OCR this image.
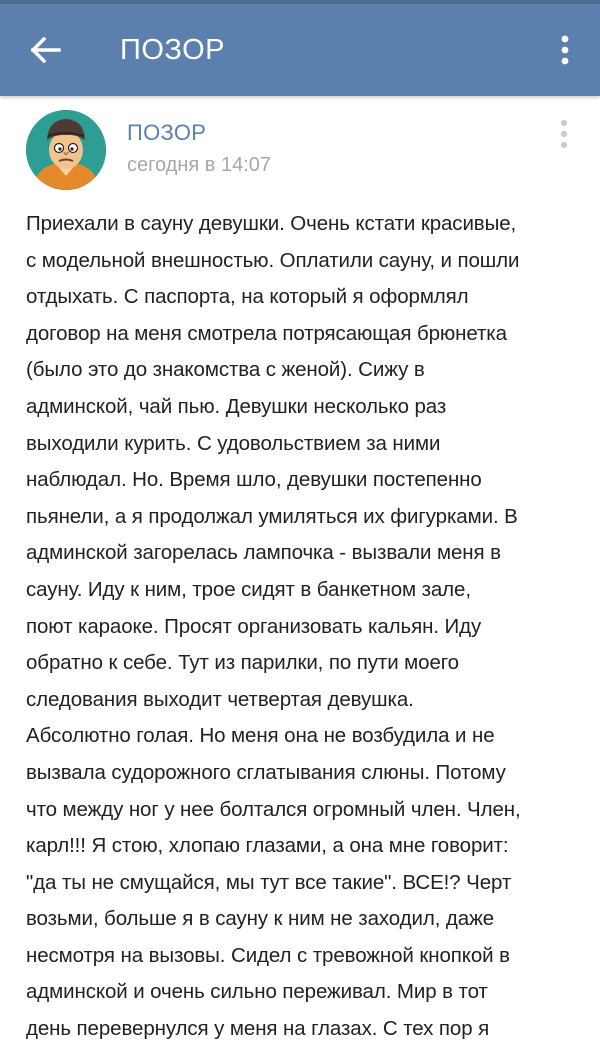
ПОЗОР
ПОЗОР
сегодня в 14:07
Приехали в сауну девушки. Очень кстати красивые,
с модельной внешностью. Оплатили сауну, и пошли
отдыхать. С паспорта, на который я оформлял
договор на меня смотрела потрясающая брюнетка
(было это до знакомства с женой). Сижу в
админской, чай пью. Девушки несколько раз
выходили курить. С удовольствием за ними
наблюдал. Но. Время шло, девушки постепенно
пьянели, а я продолжал умиляться их фигурками. В
админской загорелась лампочка - вызвали меня в
сауну. Иду к ним, трое сидят в банкетном зале,
поют караоке. Просят организовать кальян. Иду
обратно к себе. Тут из парилки, по пути моего
следования выходит четвертая девушка.
Абсолютно голая. Но меня она не возбудила и не
вызвала судорожного сглатывания слюны. Потому
что между ног у нее болтался огромный член. Член,
карл!!! Я стою, хлопаю глазами, а она мне говорит:
"да ты не смущайся, мы тут все такие". ВСЕ!? Черт
возьми, больше я в сауну к ним не заходил, даже
несмотря на вызовы. Сидел с тревожной кнопкой в
админской и очень сильно переживал. Мир в тот
день перевернулся у меня на глазах. С тех пор я
